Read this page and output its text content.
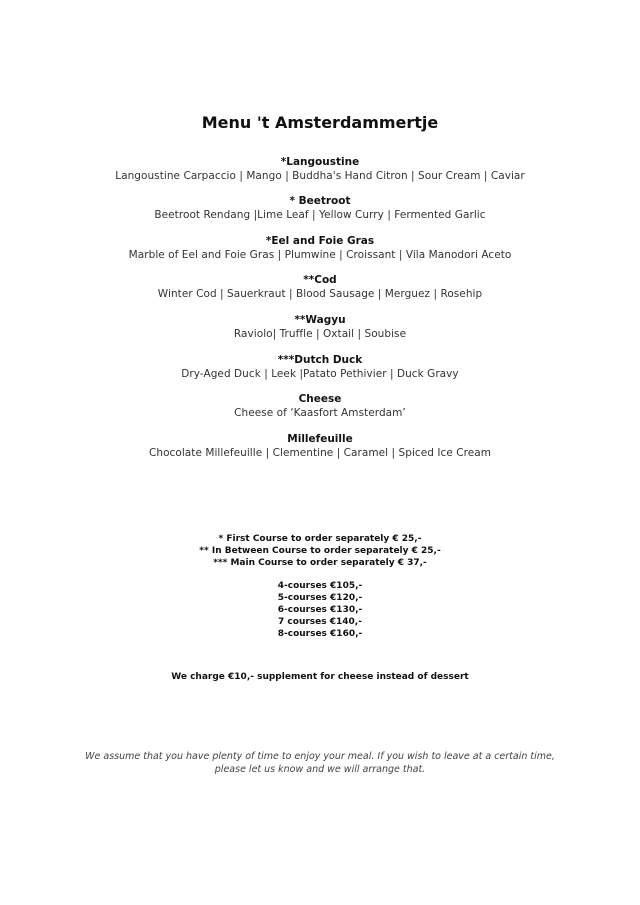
Menu 't Amsterdammertje
*Langoustine
Langoustine Carpaccio | Mango | Buddha's Hand Citron | Sour Cream | Caviar
* Beetroot
Beetroot Rendang |Lime Leaf | Yellow Curry | Fermented Garlic
*Eel and Foie Gras
Marble of Eel and Foie Gras | Plumwine | Croissant | Vila Manodori Aceto
**Cod
Winter Cod | Sauerkraut | Blood Sausage | Merguez | Rosehip
**Wagyu
Raviolo| Truffle | Oxtail | Soubise
***Dutch Duck
Dry-Aged Duck | Leek |Patato Pethivier | Duck Gravy
Cheese
Cheese of ‘Kaasfort Amsterdam’
Millefeuille
Chocolate Millefeuille | Clementine | Caramel | Spiced Ice Cream
* First Course to order separately € 25,-
** In Between Course to order separately € 25,-
*** Main Course to order separately € 37,-
4-courses €105,-
5-courses €120,-
6-courses €130,-
7 courses €140,-
8-courses €160,-
We charge €10,- supplement for cheese instead of dessert
We assume that you have plenty of time to enjoy your meal. If you wish to leave at a certain time,
please let us know and we will arrange that.
